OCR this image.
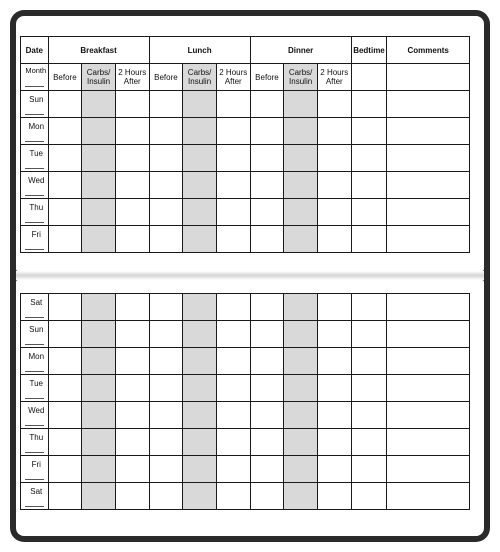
Date	Breakfast			Lunch			Dinner			Bedtime	Comments

Month	Before	Carbs/ Insulin	2 Hours After	Before	Carbs/ Insulin	2 Hours After	Before	Carbs/ Insulin	2 Hours After		

Sun											

Mon											

Tue											

Wed											

Thu											

Fri											

Sat											

Sun											

Mon											

Tue											

Wed											

Thu											

Fri											

Sat											
